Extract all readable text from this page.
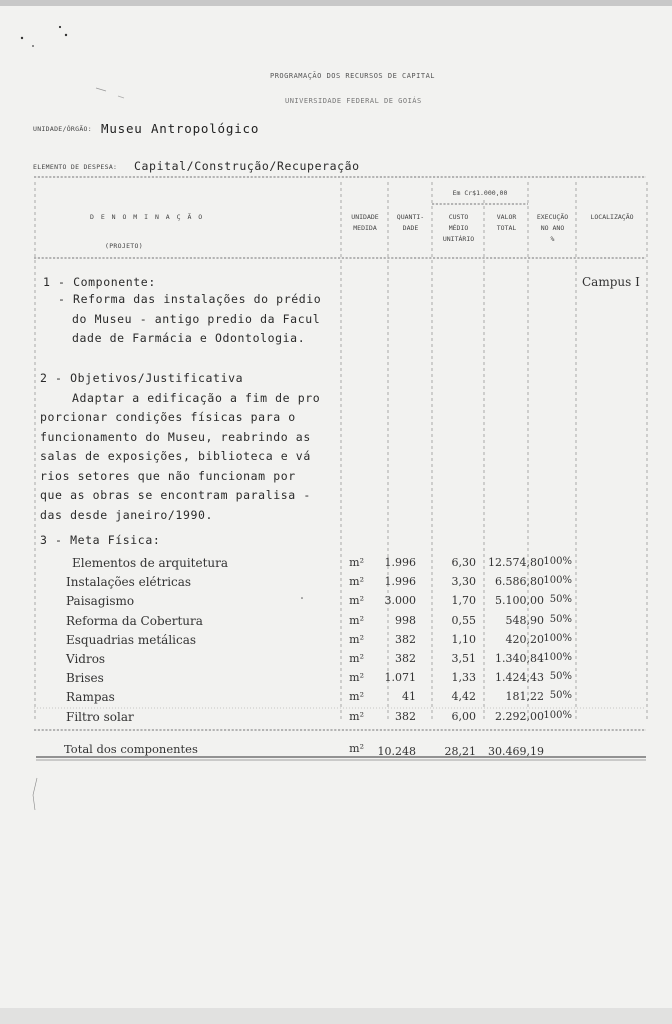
PROGRAMAÇÃO DOS RECURSOS DE CAPITAL
UNIVERSIDADE FEDERAL DE GOIÁS
UNIDADE/ÓRGÃO: Museu Antropológico
ELEMENTO DE DESPESA: Capital/Construção/Recuperação
D E N O M I N A Ç Ã O
(PROJETO)
UNIDADE
MEDIDA
QUANTI-
DADE
Em Cr$1.000,00
CUSTO
MÉDIO
UNITÁRIO
VALOR
TOTAL
EXECUÇÃO
NO ANO
%
LOCALIZAÇÃO
1 - Componente:
- Reforma das instalações do prédio
do Museu - antigo predio da Facul
dade de Farmácia e Odontologia.
Campus I
2 - Objetivos/Justificativa
Adaptar a edificação a fim de pro
porcionar condições físicas para o
funcionamento do Museu, reabrindo as
salas de exposições, biblioteca e vá
rios setores que não funcionam por
que as obras se encontram paralisa -
das desde janeiro/1990.
3 - Meta Física:
Elementos de arquitetura	m²	1.996	6,30	12.574,80 100%
Instalações elétricas	m²	1.996	3,30	6.586,80 100%
Paisagismo	m²	3.000	1,70	5.100,00 50%
Reforma da Cobertura	m²	998	0,55	548,90 50%
Esquadrias metálicas	m²	382	1,10	420,20 100%
Vidros	m²	382	3,51	1.340,84 100%
Brises	m²	1.071	1,33	1.424,43 50%
Rampas	m²	41	4,42	181,22 50%
Filtro solar	m²	382	6,00	2.292,00 100%
Total dos componentes	m²	10.248	28,21	30.469,19
